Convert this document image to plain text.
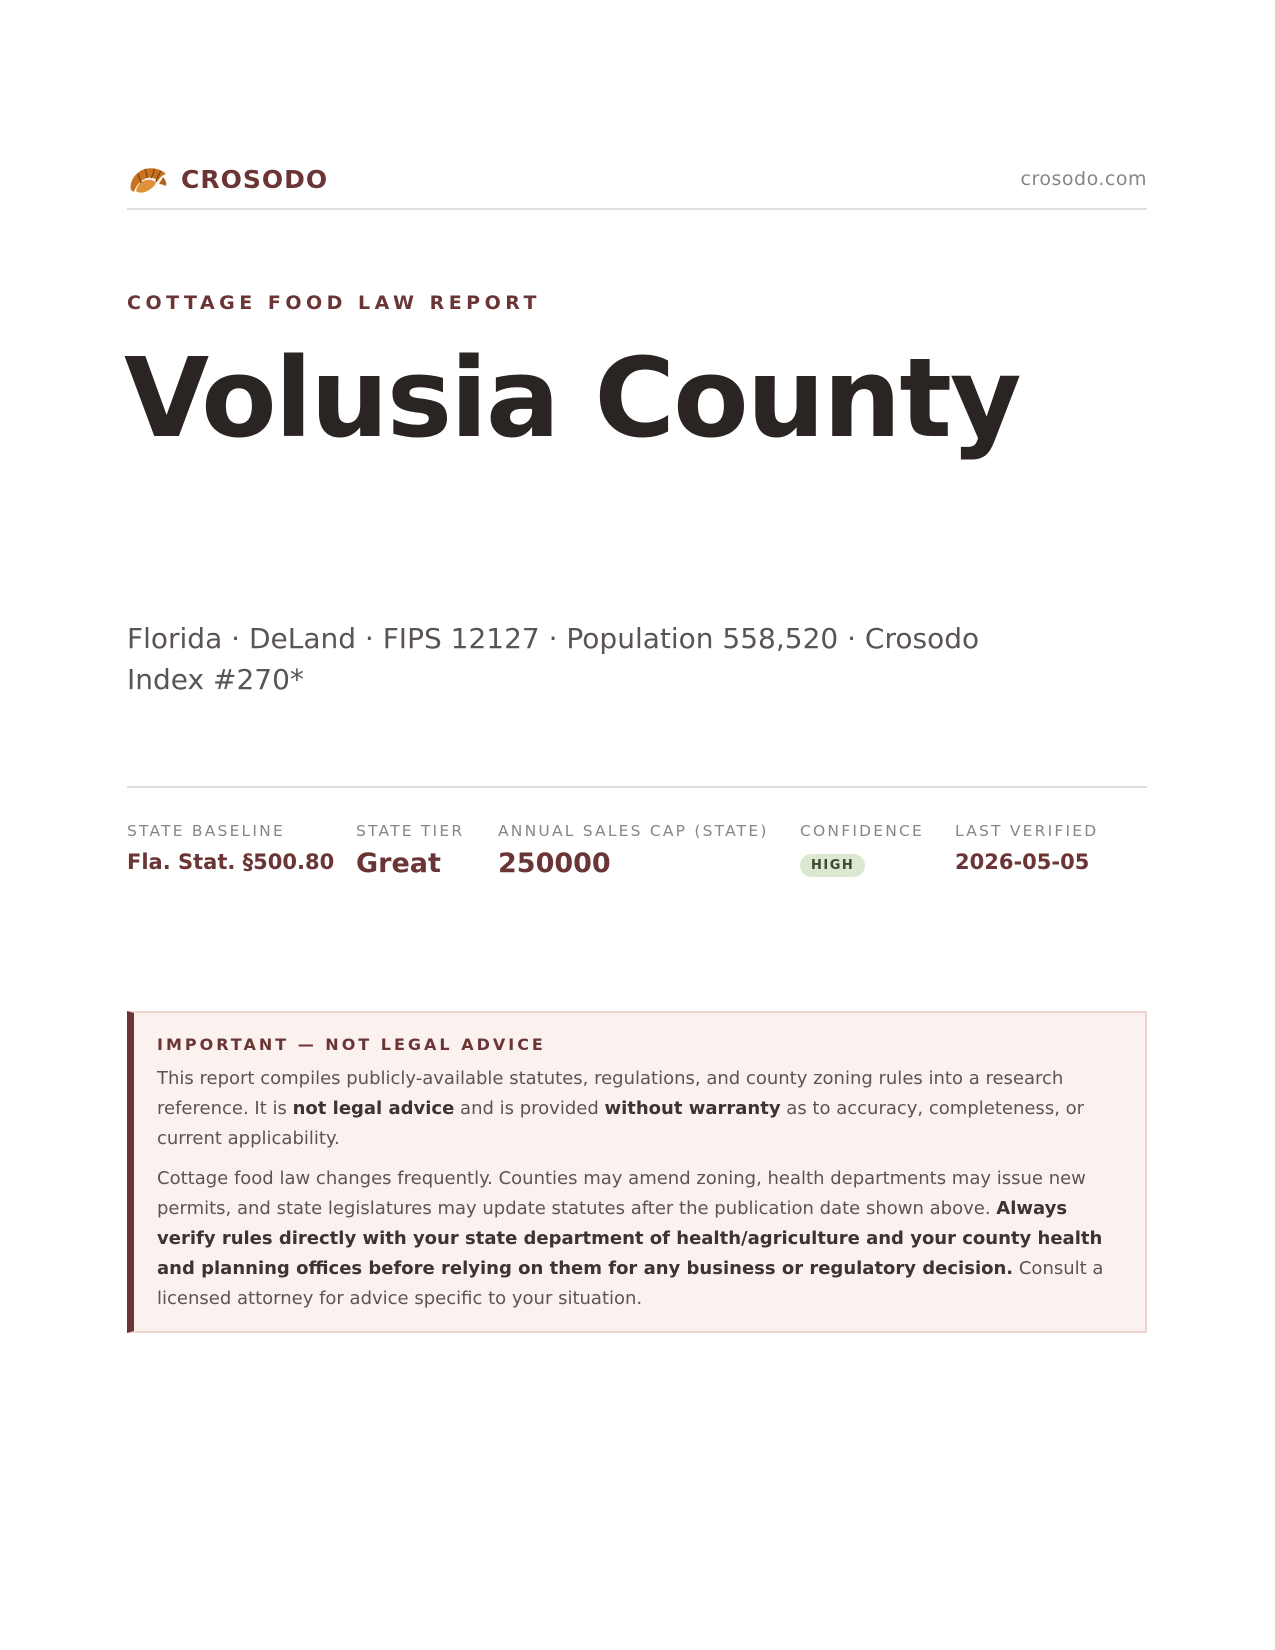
CROSODO	crosodo.com
COTTAGE FOOD LAW REPORT
Volusia County
Florida · DeLand · FIPS 12127 · Population 558,520 · Crosodo Index #270*
STATE BASELINE
Fla. Stat. §500.80
STATE TIER
Great
ANNUAL SALES CAP (STATE)
250000
CONFIDENCE
HIGH
LAST VERIFIED
2026-05-05
IMPORTANT — NOT LEGAL ADVICE

This report compiles publicly-available statutes, regulations, and county zoning rules into a research reference. It is not legal advice and is provided without warranty as to accuracy, completeness, or current applicability.

Cottage food law changes frequently. Counties may amend zoning, health departments may issue new permits, and state legislatures may update statutes after the publication date shown above. Always verify rules directly with your state department of health/agriculture and your county health and planning offices before relying on them for any business or regulatory decision. Consult a licensed attorney for advice specific to your situation.
